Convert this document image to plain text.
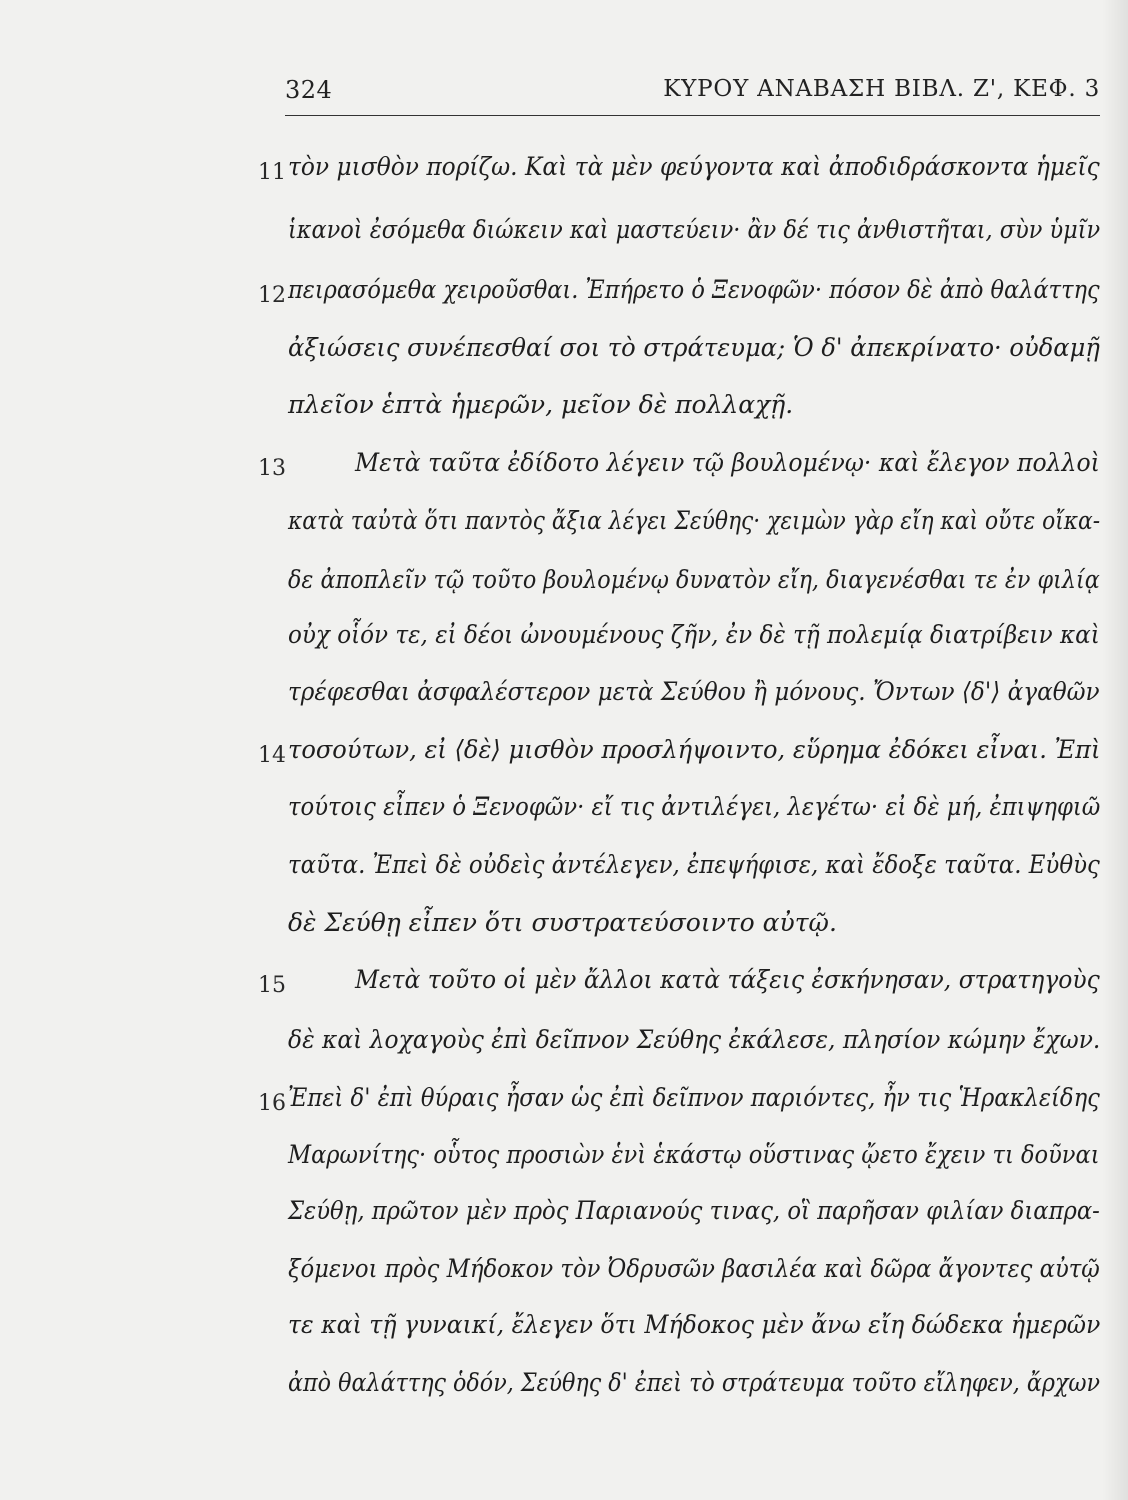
324	ΚΥΡΟΥ ΑΝΑΒΑΣΗ ΒΙΒΛ. Ζ', ΚΕΦ. 3
11 τὸν μισθὸν πορίζω. Καὶ τὰ μὲν φεύγοντα καὶ ἀποδιδράσκοντα ἡμεῖς
ἱκανοὶ ἐσόμεθα διώκειν καὶ μαστεύειν· ἂν δέ τις ἀνθιστῆται, σὺν ὑμῖν
12 πειρασόμεθα χειροῦσθαι. Ἐπήρετο ὁ Ξενοφῶν· πόσον δὲ ἀπὸ θαλάττης
ἀξιώσεις συνέπεσθαί σοι τὸ στράτευμα; Ὁ δ' ἀπεκρίνατο· οὐδαμῇ
πλεῖον ἑπτὰ ἡμερῶν, μεῖον δὲ πολλαχῇ.
13	Μετὰ ταῦτα ἐδίδοτο λέγειν τῷ βουλομένῳ· καὶ ἔλεγον πολλοὶ
κατὰ ταὐτὰ ὅτι παντὸς ἄξια λέγει Σεύθης· χειμὼν γὰρ εἴη καὶ οὔτε οἴκα-
δε ἀποπλεῖν τῷ τοῦτο βουλομένῳ δυνατὸν εἴη, διαγενέσθαι τε ἐν φιλίᾳ
οὐχ οἷόν τε, εἰ δέοι ὠνουμένους ζῆν, ἐν δὲ τῇ πολεμίᾳ διατρίβειν καὶ
τρέφεσθαι ἀσφαλέστερον μετὰ Σεύθου ἢ μόνους. Ὄντων ⟨δ'⟩ ἀγαθῶν
14 τοσούτων, εἰ ⟨δὲ⟩ μισθὸν προσλήψοιντο, εὕρημα ἐδόκει εἶναι. Ἐπὶ
τούτοις εἶπεν ὁ Ξενοφῶν· εἴ τις ἀντιλέγει, λεγέτω· εἰ δὲ μή, ἐπιψηφιῶ
ταῦτα. Ἐπεὶ δὲ οὐδεὶς ἀντέλεγεν, ἐπεψήφισε, καὶ ἔδοξε ταῦτα. Εὐθὺς
δὲ Σεύθῃ εἶπεν ὅτι συστρατεύσοιντο αὐτῷ.
15	Μετὰ τοῦτο οἱ μὲν ἄλλοι κατὰ τάξεις ἐσκήνησαν, στρατηγοὺς
δὲ καὶ λοχαγοὺς ἐπὶ δεῖπνον Σεύθης ἐκάλεσε, πλησίον κώμην ἔχων.
16 Ἐπεὶ δ' ἐπὶ θύραις ἦσαν ὡς ἐπὶ δεῖπνον παριόντες, ἦν τις Ἡρακλείδης
Μαρωνίτης· οὗτος προσιὼν ἑνὶ ἑκάστῳ οὕστινας ᾤετο ἔχειν τι δοῦναι
Σεύθῃ, πρῶτον μὲν πρὸς Παριανούς τινας, οἳ παρῆσαν φιλίαν διαπρα-
ξόμενοι πρὸς Μήδοκον τὸν Ὀδρυσῶν βασιλέα καὶ δῶρα ἄγοντες αὐτῷ
τε καὶ τῇ γυναικί, ἔλεγεν ὅτι Μήδοκος μὲν ἄνω εἴη δώδεκα ἡμερῶν
ἀπὸ θαλάττης ὁδόν, Σεύθης δ' ἐπεὶ τὸ στράτευμα τοῦτο εἴληφεν, ἄρχων
